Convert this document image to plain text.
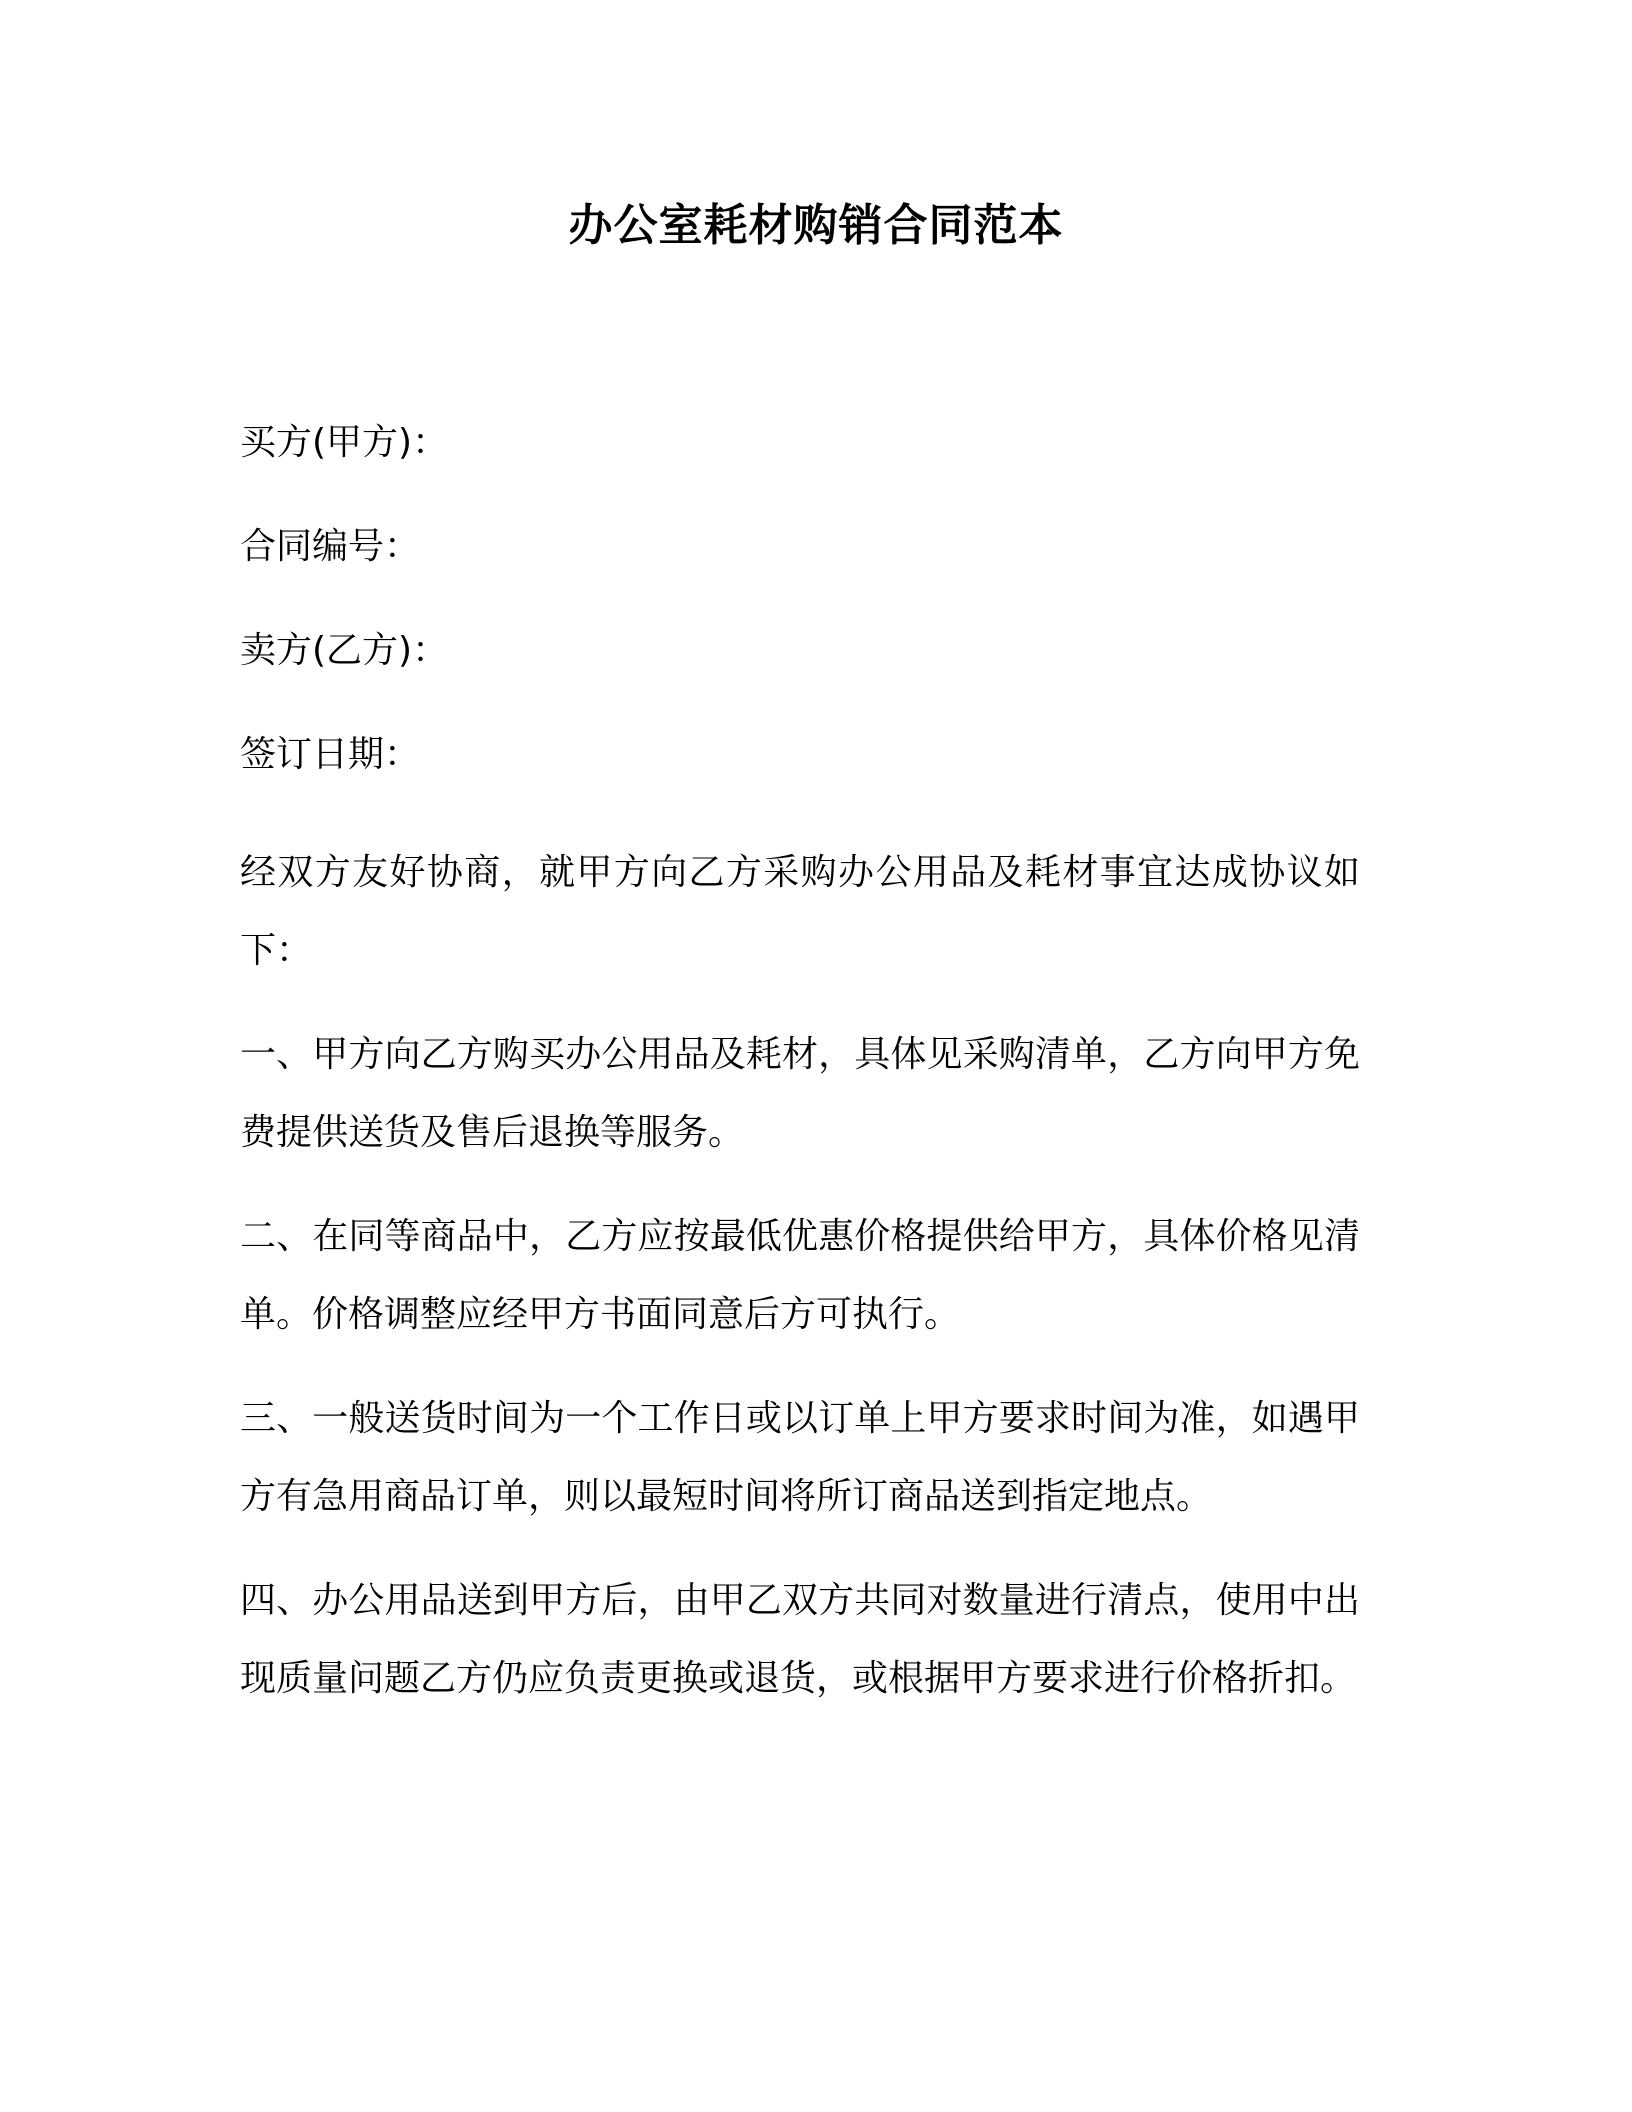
办公室耗材购销合同范本
买方(甲方)：
合同编号：
卖方(乙方)：
签订日期：
经双方友好协商，就甲方向乙方采购办公用品及耗材事宜达成协议如下：
一、甲方向乙方购买办公用品及耗材，具体见采购清单，乙方向甲方免费提供送货及售后退换等服务。
二、在同等商品中，乙方应按最低优惠价格提供给甲方，具体价格见清单。价格调整应经甲方书面同意后方可执行。
三、一般送货时间为一个工作日或以订单上甲方要求时间为准，如遇甲方有急用商品订单，则以最短时间将所订商品送到指定地点。
四、办公用品送到甲方后，由甲乙双方共同对数量进行清点，使用中出现质量问题乙方仍应负责更换或退货，或根据甲方要求进行价格折扣。
